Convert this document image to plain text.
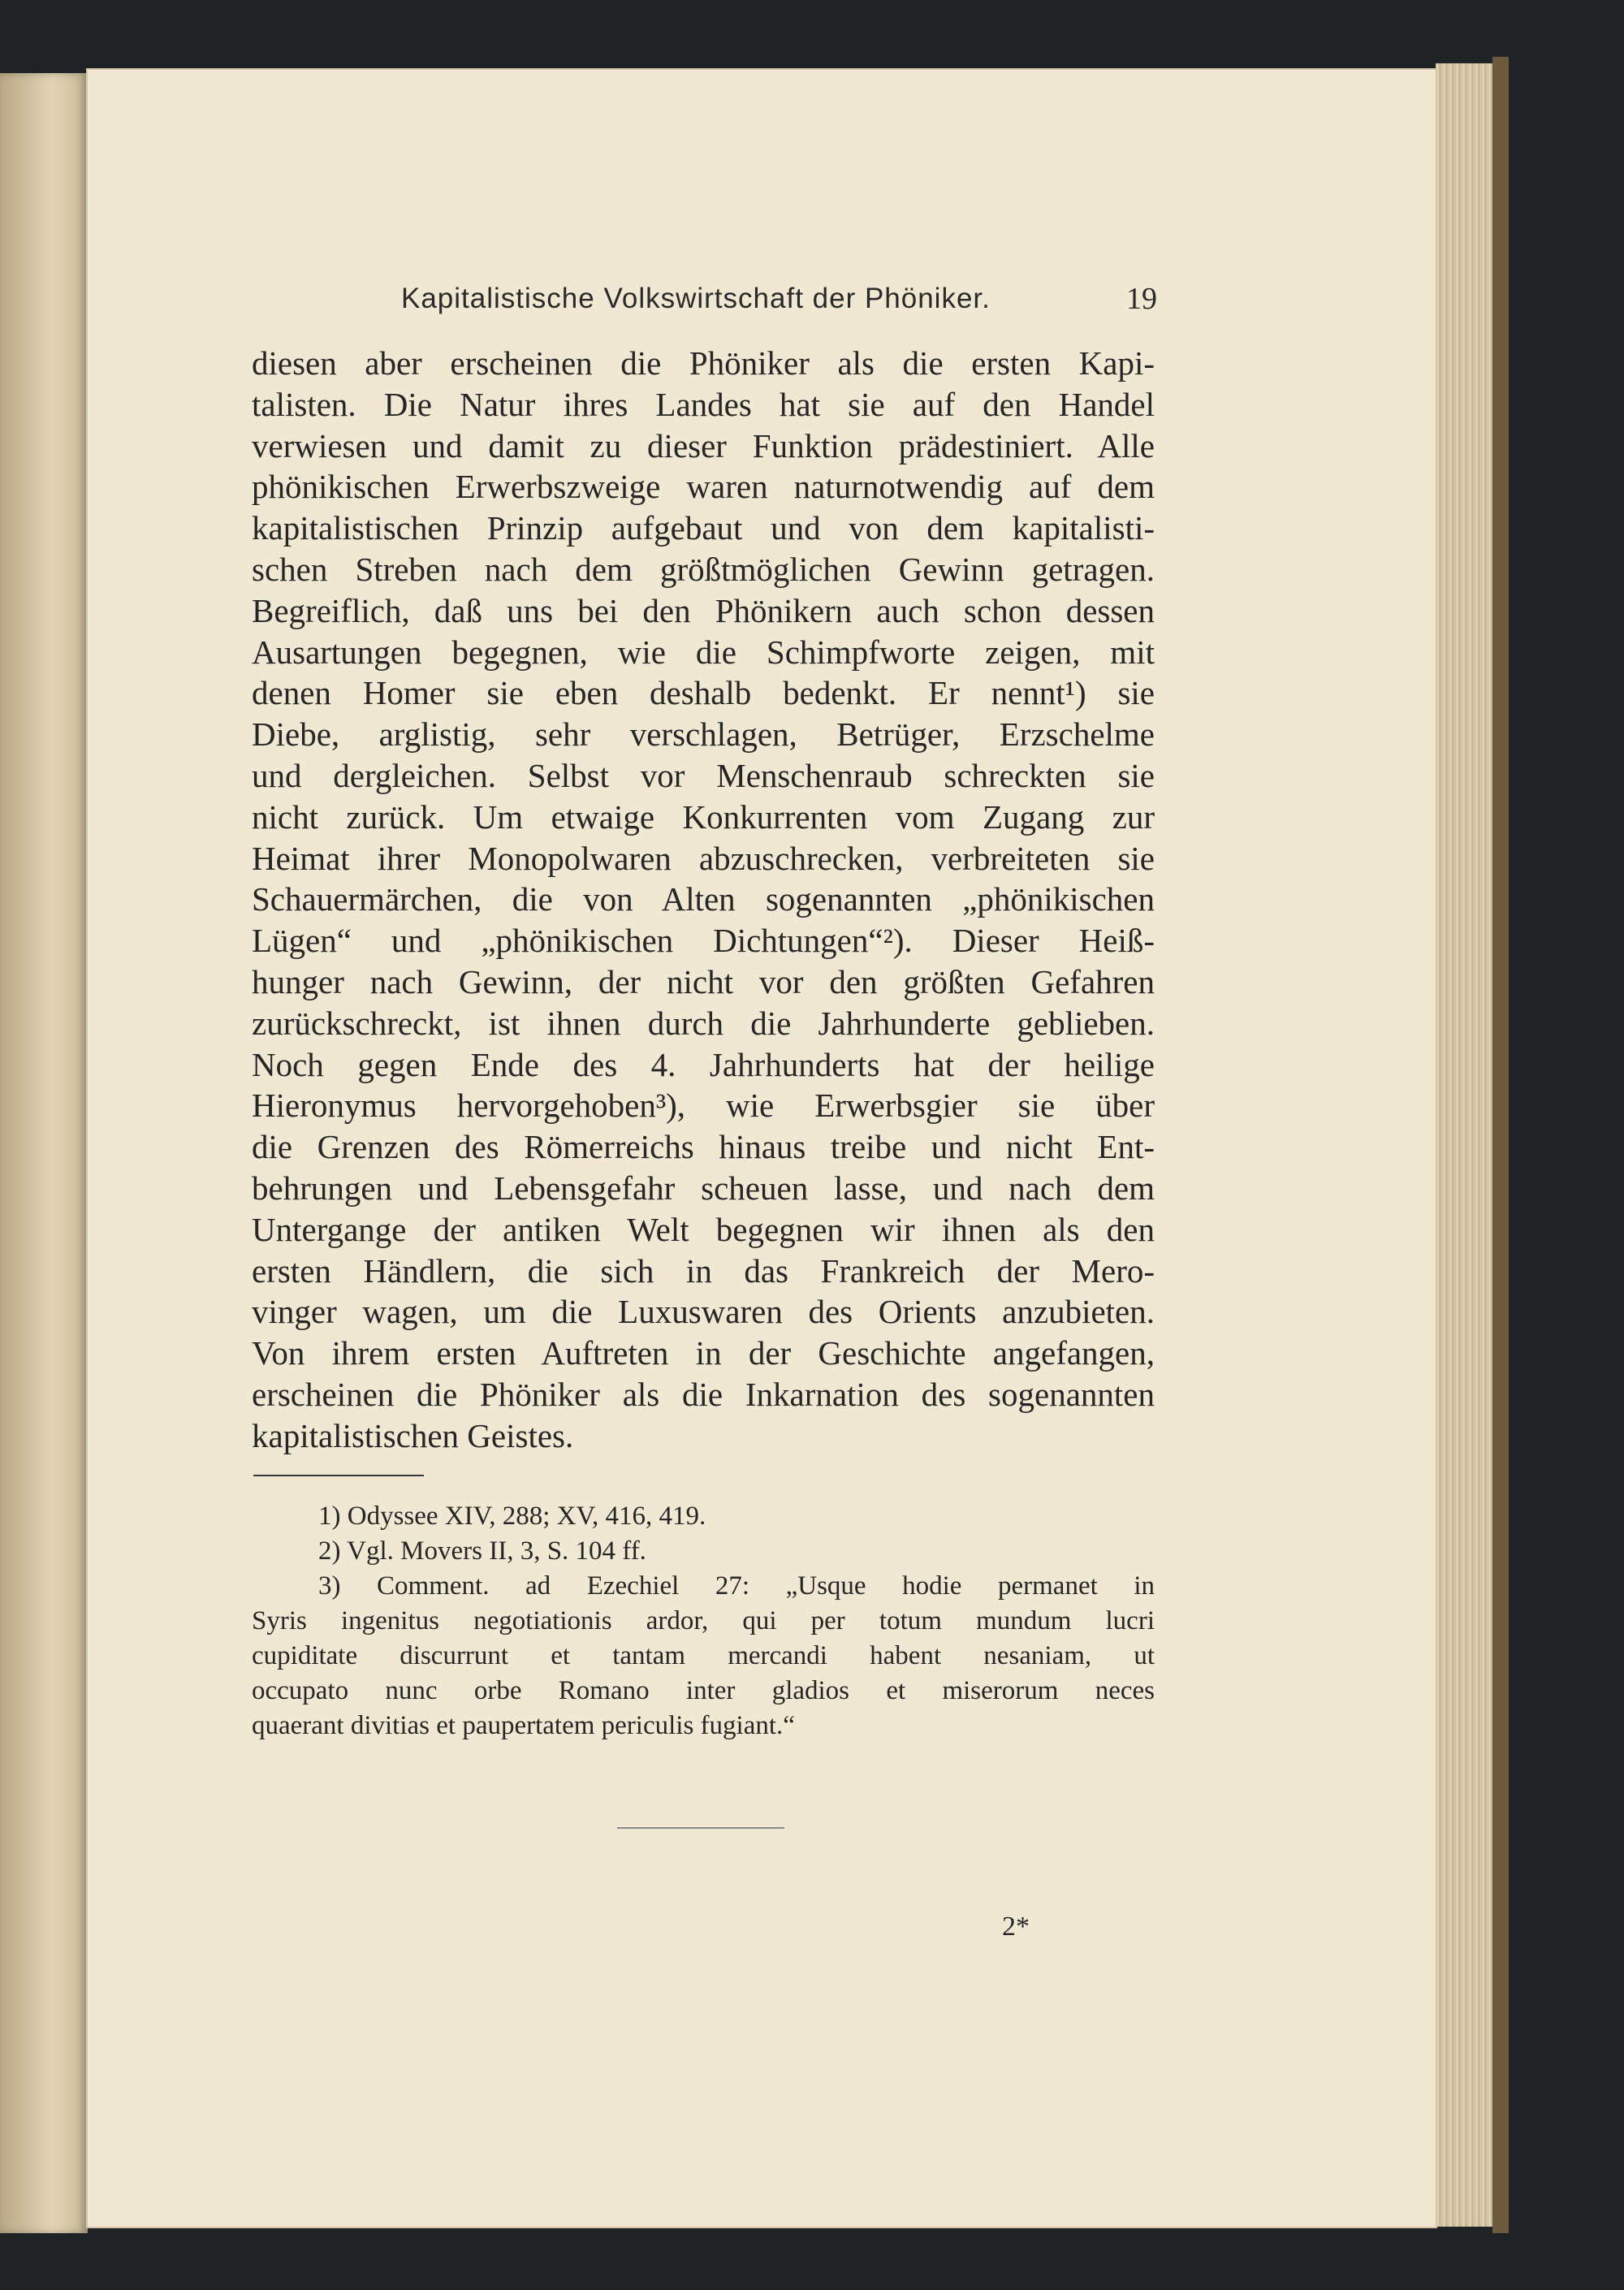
Kapitalistische Volkswirtschaft der Phöniker.	19
diesen aber erscheinen die Phöniker als die ersten Kapi-
talisten. Die Natur ihres Landes hat sie auf den Handel
verwiesen und damit zu dieser Funktion prädestiniert. Alle
phönikischen Erwerbszweige waren naturnotwendig auf dem
kapitalistischen Prinzip aufgebaut und von dem kapitalisti-
schen Streben nach dem größtmöglichen Gewinn getragen.
Begreiflich, daß uns bei den Phönikern auch schon dessen
Ausartungen begegnen, wie die Schimpfworte zeigen, mit
denen Homer sie eben deshalb bedenkt. Er nennt¹) sie
Diebe, arglistig, sehr verschlagen, Betrüger, Erzschelme
und dergleichen. Selbst vor Menschenraub schreckten sie
nicht zurück. Um etwaige Konkurrenten vom Zugang zur
Heimat ihrer Monopolwaren abzuschrecken, verbreiteten sie
Schauermärchen, die von Alten sogenannten „phönikischen
Lügen“ und „phönikischen Dichtungen“²). Dieser Heiß-
hunger nach Gewinn, der nicht vor den größten Gefahren
zurückschreckt, ist ihnen durch die Jahrhunderte geblieben.
Noch gegen Ende des 4. Jahrhunderts hat der heilige
Hieronymus hervorgehoben³), wie Erwerbsgier sie über
die Grenzen des Römerreichs hinaus treibe und nicht Ent-
behrungen und Lebensgefahr scheuen lasse, und nach dem
Untergange der antiken Welt begegnen wir ihnen als den
ersten Händlern, die sich in das Frankreich der Mero-
vinger wagen, um die Luxuswaren des Orients anzubieten.
Von ihrem ersten Auftreten in der Geschichte angefangen,
erscheinen die Phöniker als die Inkarnation des sogenannten
kapitalistischen Geistes.
1) Odyssee XIV, 288; XV, 416, 419.
2) Vgl. Movers II, 3, S. 104 ff.
3) Comment. ad Ezechiel 27: „Usque hodie permanet in
Syris ingenitus negotiationis ardor, qui per totum mundum lucri
cupiditate discurrunt et tantam mercandi habent nesaniam, ut
occupato nunc orbe Romano inter gladios et miserorum neces
quaerant divitias et paupertatem periculis fugiant.“
2*
